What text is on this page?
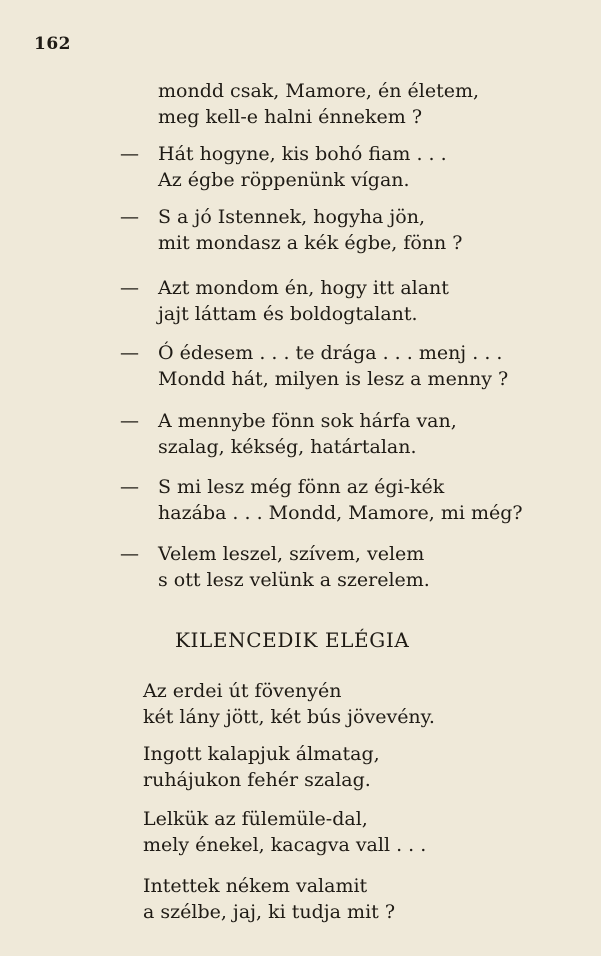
162
mondd csak, Mamore, én életem,
meg kell-e halni énnekem ?
— Hát hogyne, kis bohó fiam . . .
Az égbe röppenünk vígan.
— S a jó Istennek, hogyha jön,
mit mondasz a kék égbe, fönn ?
— Azt mondom én, hogy itt alant
jajt láttam és boldogtalant.
— Ó édesem . . . te drága . . . menj . . .
Mondd hát, milyen is lesz a menny ?
— A mennybe fönn sok hárfa van,
szalag, kékség, határtalan.
— S mi lesz még fönn az égi-kék
hazába . . . Mondd, Mamore, mi még?
— Velem leszel, szívem, velem
s ott lesz velünk a szerelem.
KILENCEDIK ELÉGIA
Az erdei út fövenyén
két lány jött, két bús jövevény.
Ingott kalapjuk álmatag,
ruhájukon fehér szalag.
Lelkük az fülemüle-dal,
mely énekel, kacagva vall . . .
Intettek nékem valamit
a szélbe, jaj, ki tudja mit ?
